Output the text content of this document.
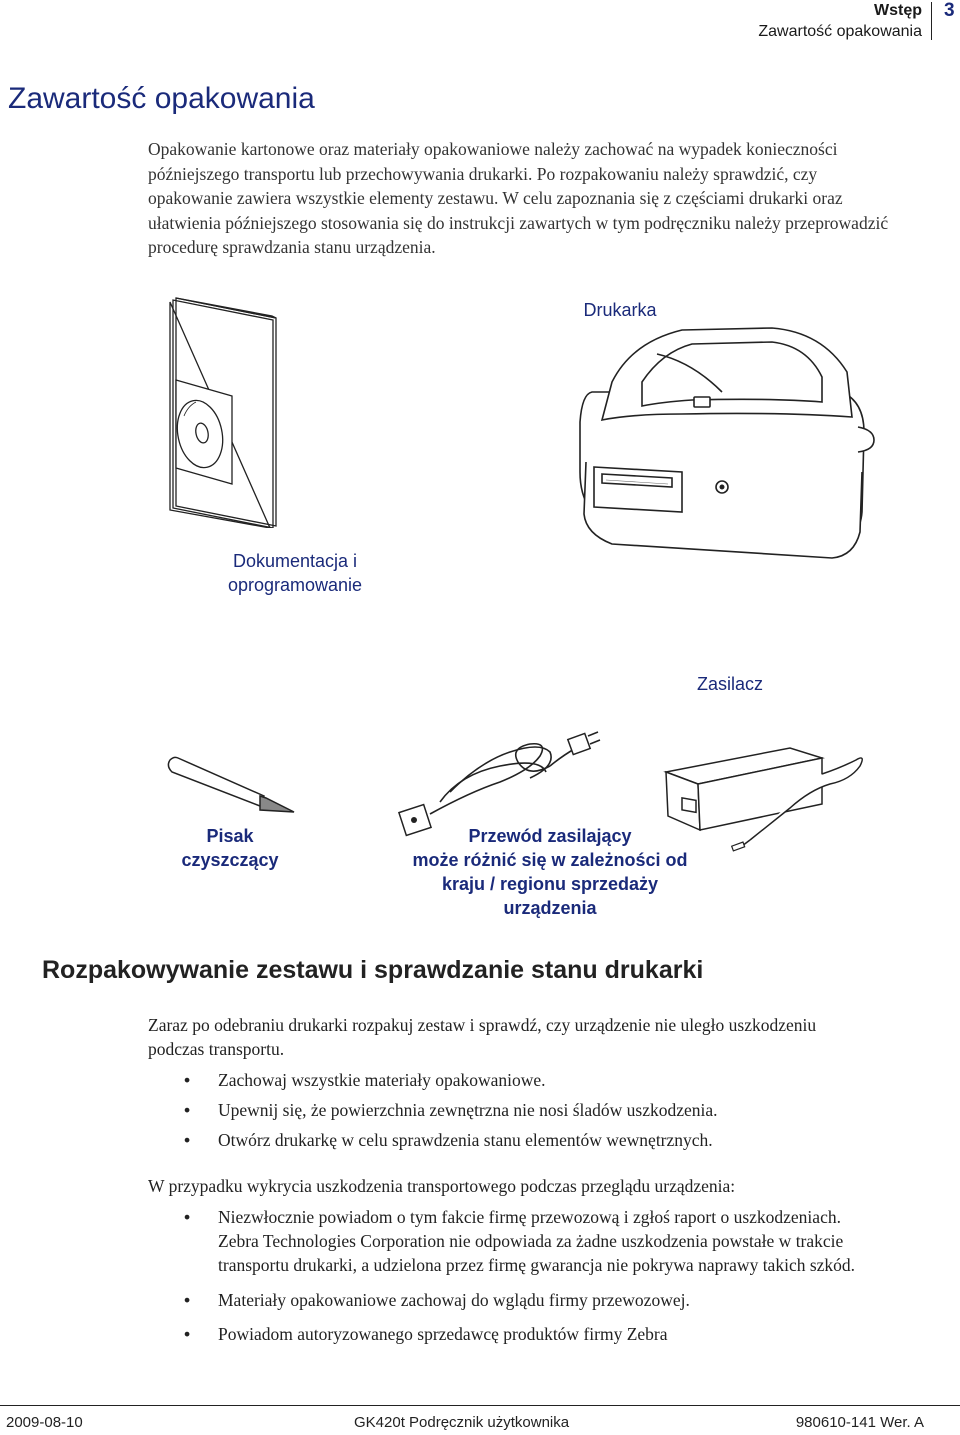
Wstęp
Zawartość opakowania
3
Zawartość opakowania
Opakowanie kartonowe oraz materiały opakowaniowe należy zachować na wypadek konieczności późniejszego transportu lub przechowywania drukarki. Po rozpakowaniu należy sprawdzić, czy opakowanie zawiera wszystkie elementy zestawu. W celu zapoznania się z częściami drukarki oraz ułatwienia późniejszego stosowania się do instrukcji zawartych w tym podręczniku należy przeprowadzić procedurę sprawdzania stanu urządzenia.
Dokumentacja i
oprogramowanie
Drukarka
Zasilacz
Pisak
czyszczący
Przewód zasilający
może różnić się w zależności od
kraju / regionu sprzedaży
urządzenia
Rozpakowywanie zestawu i sprawdzanie stanu drukarki
Zaraz po odebraniu drukarki rozpakuj zestaw i sprawdź, czy urządzenie nie uległo uszkodzeniu podczas transportu.
• Zachowaj wszystkie materiały opakowaniowe.
• Upewnij się, że powierzchnia zewnętrzna nie nosi śladów uszkodzenia.
• Otwórz drukarkę w celu sprawdzenia stanu elementów wewnętrznych.
W przypadku wykrycia uszkodzenia transportowego podczas przeglądu urządzenia:
• Niezwłocznie powiadom o tym fakcie firmę przewozową i zgłoś raport o uszkodzeniach. Zebra Technologies Corporation nie odpowiada za żadne uszkodzenia powstałe w trakcie transportu drukarki, a udzielona przez firmę gwarancja nie pokrywa naprawy takich szkód.
• Materiały opakowaniowe zachowaj do wglądu firmy przewozowej.
• Powiadom autoryzowanego sprzedawcę produktów firmy Zebra
2009-08-10	GK420t Podręcznik użytkownika	980610-141 Wer. A
